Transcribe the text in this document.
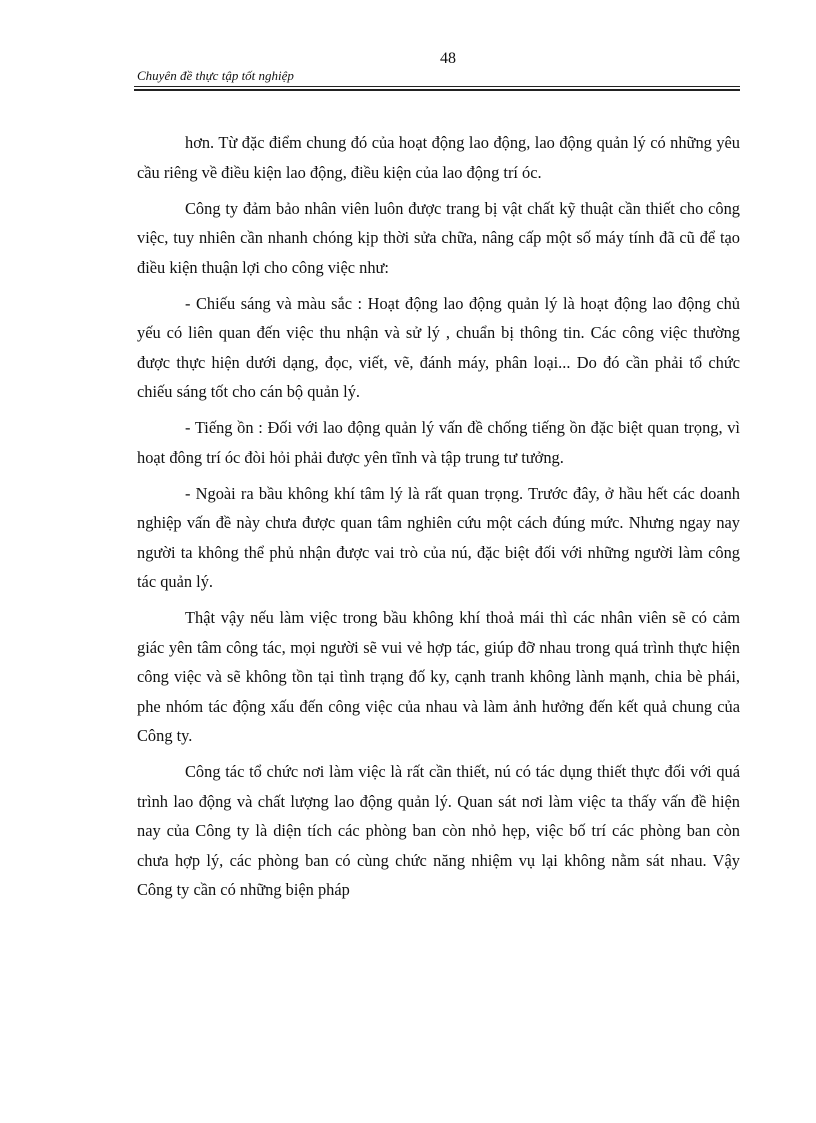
48
Chuyên đề thực tập tốt nghiệp

hơn. Từ đặc điểm chung đó của hoạt động lao động, lao động quản lý có những yêu cầu riêng về điều kiện lao động, điều kiện của lao động trí óc.

Công ty đảm bảo nhân viên luôn được trang bị vật chất kỹ thuật cần thiết cho công việc, tuy nhiên cần nhanh chóng kịp thời sửa chữa, nâng cấp một số máy tính đã cũ để tạo điều kiện thuận lợi cho công việc như:

- Chiếu sáng và màu sắc : Hoạt động lao động quản lý là hoạt động lao động chủ yếu có liên quan đến việc thu nhận và sử lý , chuẩn bị thông tin. Các công việc thường được thực hiện dưới dạng, đọc, viết, vẽ, đánh máy, phân loại... Do đó cần phải tổ chức chiếu sáng tốt cho cán bộ quản lý.

- Tiếng ồn : Đối với lao động quản lý vấn đề chống tiếng ồn đặc biệt quan trọng, vì hoạt đông trí óc đòi hỏi phải được yên tĩnh và tập trung tư tưởng.

- Ngoài ra bầu không khí tâm lý là rất quan trọng. Trước đây, ở hầu hết các doanh nghiệp vấn đề này chưa được quan tâm nghiên cứu một cách đúng mức. Nhưng ngay nay người ta không thể phủ nhận được vai trò của nú, đặc biệt đối với những người làm công tác quản lý.

Thật vậy nếu làm việc trong bầu không khí thoả mái thì các nhân viên sẽ có cảm giác yên tâm công tác, mọi người sẽ vui vẻ hợp tác, giúp đỡ nhau trong quá trình thực hiện công việc và sẽ không tồn tại tình trạng đố ky, cạnh tranh không lành mạnh, chia bè phái, phe nhóm tác động xấu đến công việc của nhau và làm ảnh hưởng đến kết quả chung của Công ty.

Công tác tổ chức nơi làm việc là rất cần thiết, nú có tác dụng thiết thực đối với quá trình lao động và chất lượng lao động quản lý. Quan sát nơi làm việc ta thấy vấn đề hiện nay của Công ty là diện tích các phòng ban còn nhỏ hẹp, việc bố trí các phòng ban còn chưa hợp lý, các phòng ban có cùng chức năng nhiệm vụ lại không nằm sát nhau. Vậy Công ty cần có những biện pháp
